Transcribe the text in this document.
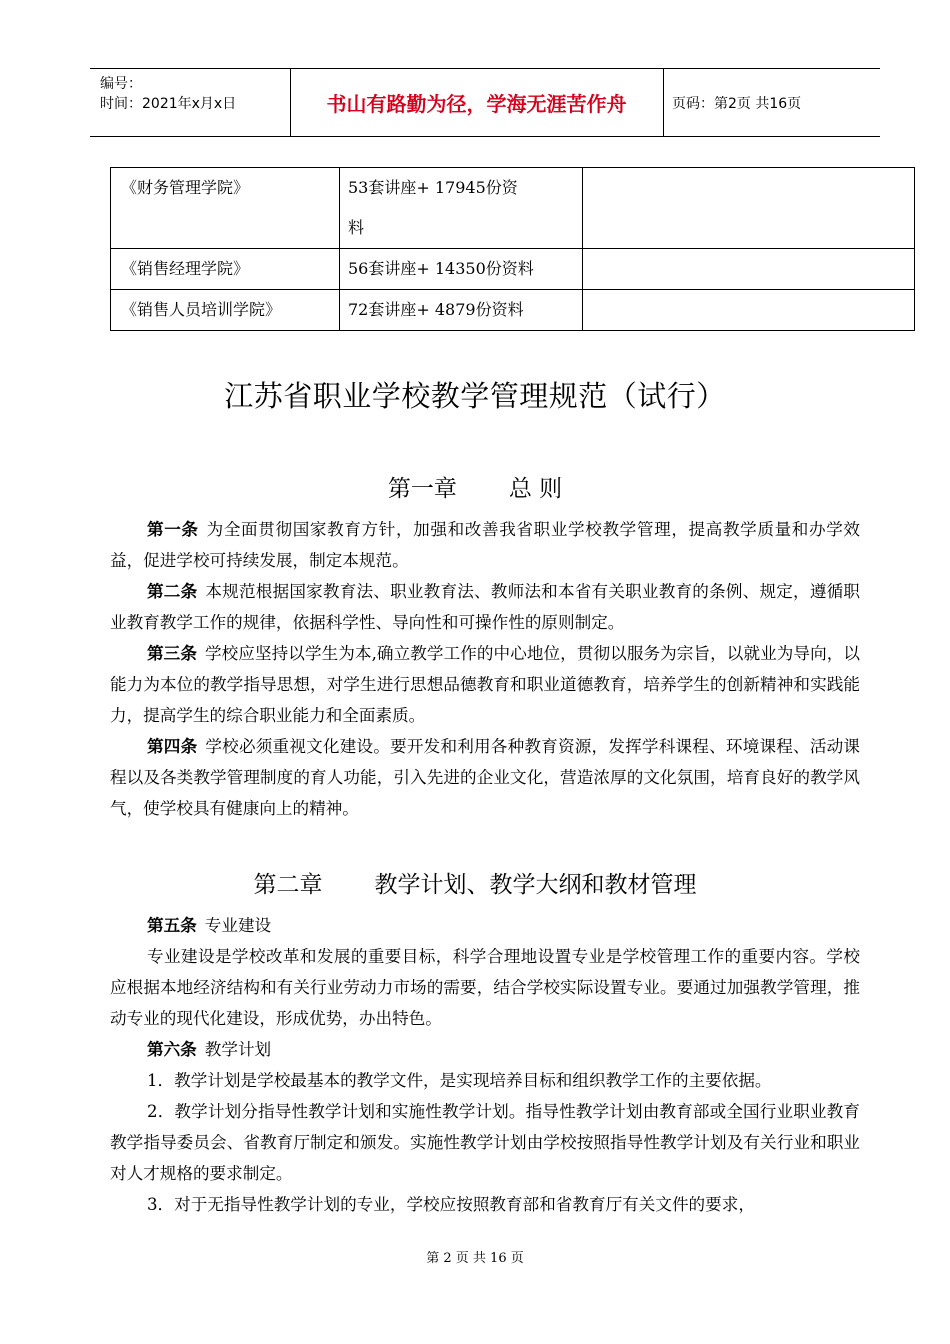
编号：
时间：2021年x月x日	书山有路勤为径，学海无涯苦作舟	页码：第2页 共16页
《财务管理学院》	53套讲座+ 17945份资
料	

《销售经理学院》	56套讲座+ 14350份资料	
《销售人员培训学院》	72套讲座+ 4879份资料	
江苏省职业学校教学管理规范（试行）
第一章 总 则

第一条 为全面贯彻国家教育方针，加强和改善我省职业学校教学管理，提高教学质量和办学效益，促进学校可持续发展，制定本规范。

第二条 本规范根据国家教育法、职业教育法、教师法和本省有关职业教育的条例、规定，遵循职业教育教学工作的规律，依据科学性、导向性和可操作性的原则制定。

第三条 学校应坚持以学生为本,确立教学工作的中心地位，贯彻以服务为宗旨，以就业为导向，以能力为本位的教学指导思想，对学生进行思想品德教育和职业道德教育，培养学生的创新精神和实践能力，提高学生的综合职业能力和全面素质。

第四条 学校必须重视文化建设。要开发和利用各种教育资源，发挥学科课程、环境课程、活动课程以及各类教学管理制度的育人功能，引入先进的企业文化，营造浓厚的文化氛围，培育良好的教学风气，使学校具有健康向上的精神。

第二章 教学计划、教学大纲和教材管理

第五条 专业建设

专业建设是学校改革和发展的重要目标，科学合理地设置专业是学校管理工作的重要内容。学校应根据本地经济结构和有关行业劳动力市场的需要，结合学校实际设置专业。要通过加强教学管理，推动专业的现代化建设，形成优势，办出特色。

第六条 教学计划

1．教学计划是学校最基本的教学文件，是实现培养目标和组织教学工作的主要依据。

2．教学计划分指导性教学计划和实施性教学计划。指导性教学计划由教育部或全国行业职业教育教学指导委员会、省教育厅制定和颁发。实施性教学计划由学校按照指导性教学计划及有关行业和职业对人才规格的要求制定。

3．对于无指导性教学计划的专业，学校应按照教育部和省教育厅有关文件的要求，

第 2 页 共 16 页
